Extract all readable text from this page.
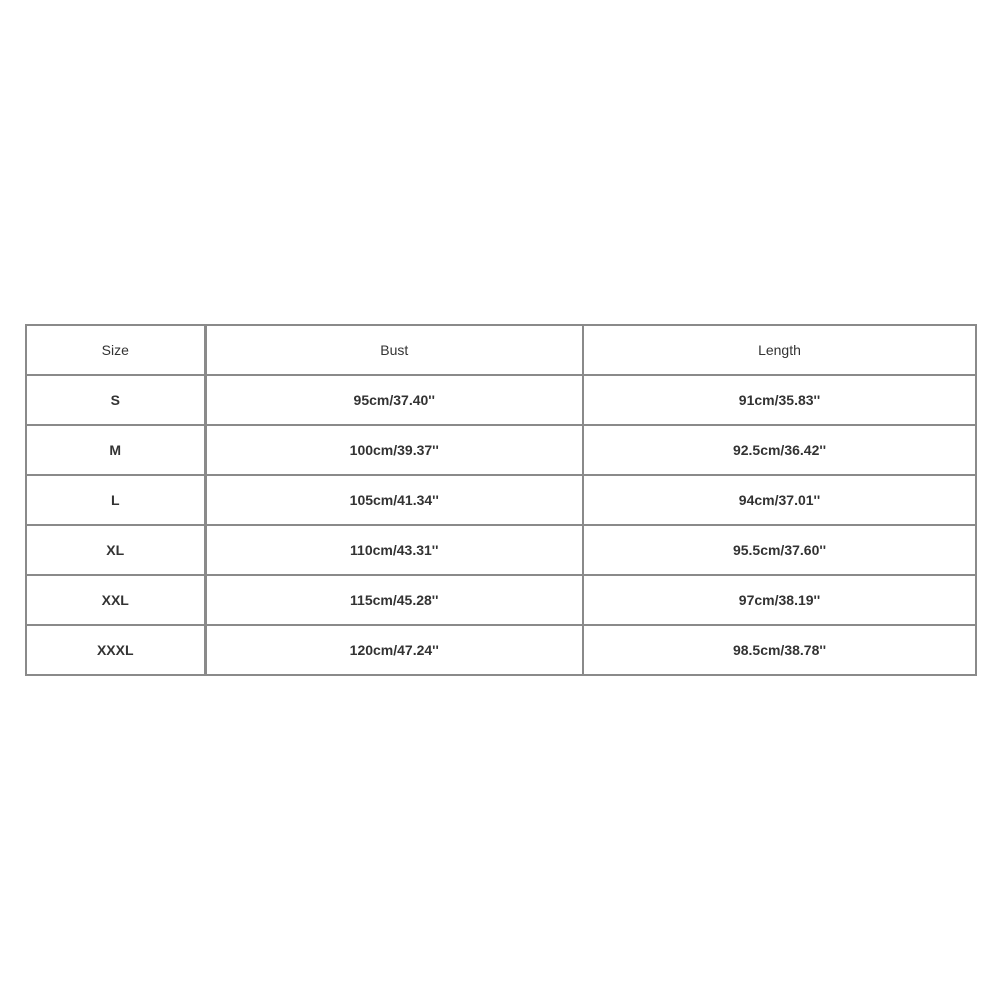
Size	Bust	Length
S	95cm/37.40''	91cm/35.83''
M	100cm/39.37''	92.5cm/36.42''
L	105cm/41.34''	94cm/37.01''
XL	110cm/43.31''	95.5cm/37.60''
XXL	115cm/45.28''	97cm/38.19''
XXXL	120cm/47.24''	98.5cm/38.78''
